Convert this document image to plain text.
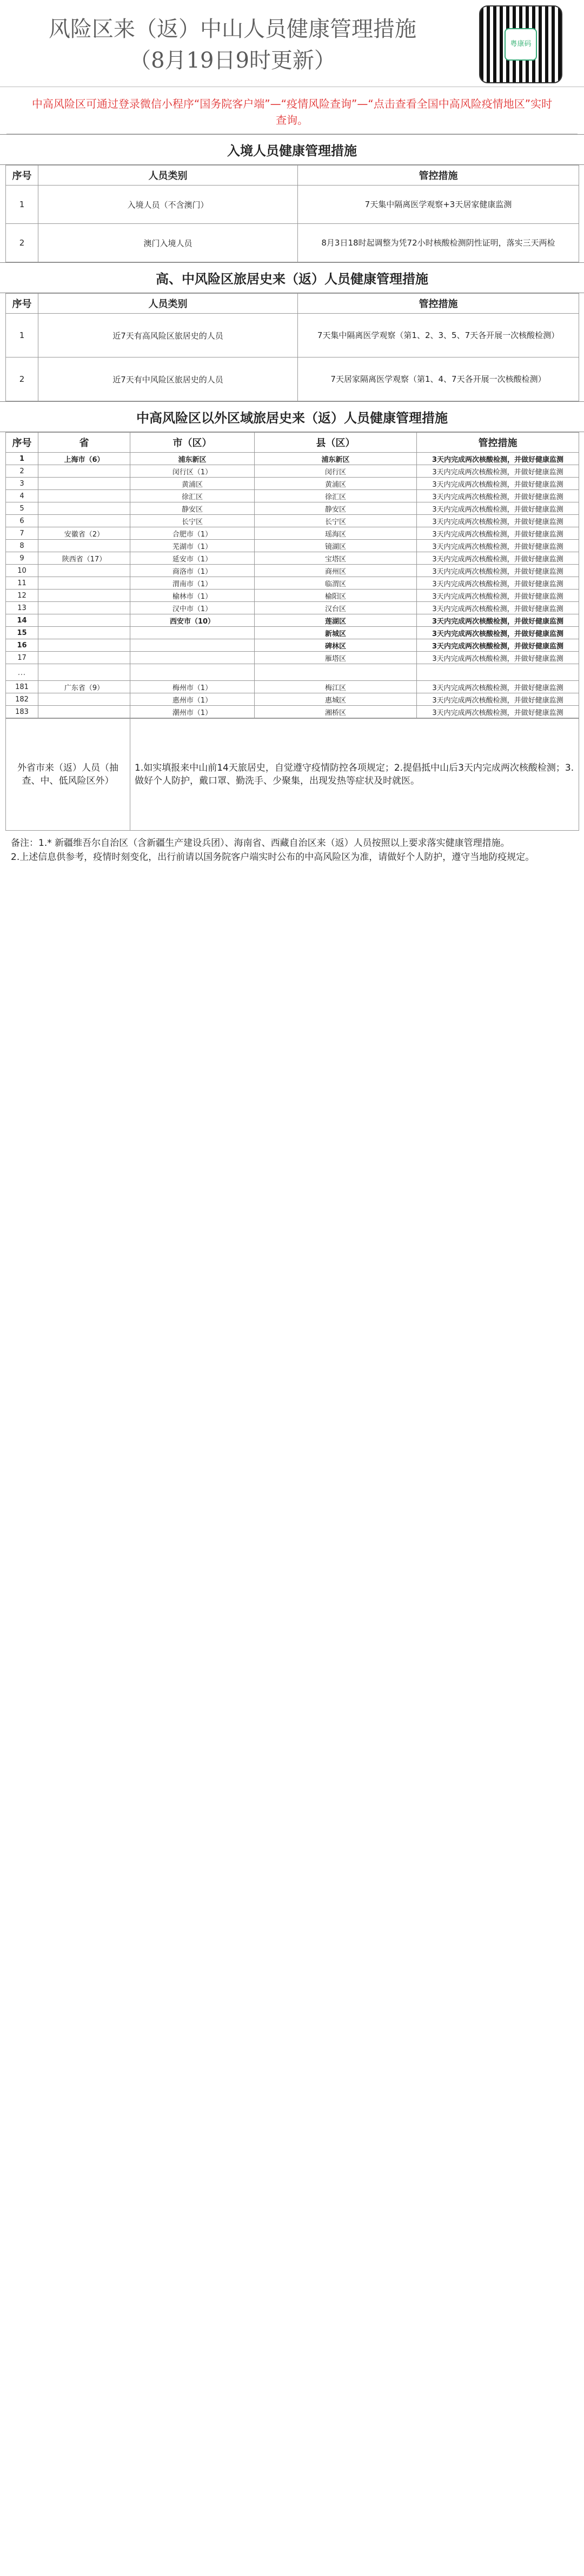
风险区来（返）中山人员健康管理措施
（8月19日9时更新）
粤康码
中高风险区可通过登录微信小程序“国务院客户端”—“疫情风险查询”—“点击查看全国中高风险疫情地区”实时查询。
入境人员健康管理措施
序号	人员类别	管控措施
1	入境人员（不含澳门）	7天集中隔离医学观察+3天居家健康监测
2	澳门入境人员	8月3日18时起调整为凭72小时核酸检测阴性证明，落实三天两检
高、中风险区旅居史来（返）人员健康管理措施
序号	人员类别	管控措施
1	近7天有高风险区旅居史的人员	7天集中隔离医学观察（第1、2、3、5、7天各开展一次核酸检测）
2	近7天有中风险区旅居史的人员	7天居家隔离医学观察（第1、4、7天各开展一次核酸检测）
中高风险区以外区域旅居史来（返）人员健康管理措施
序号	省	市（区）	县（区）	管控措施
1	上海市（6）	浦东新区	浦东新区	3天内完成两次核酸检测，并做好健康监测
2		闵行区（1）	闵行区	3天内完成两次核酸检测，并做好健康监测
3		黄浦区	黄浦区	3天内完成两次核酸检测，并做好健康监测
4		徐汇区	徐汇区	3天内完成两次核酸检测，并做好健康监测
5		静安区	静安区	3天内完成两次核酸检测，并做好健康监测
6		长宁区	长宁区	3天内完成两次核酸检测，并做好健康监测
7	安徽省（2）	合肥市（1）	瑶海区	3天内完成两次核酸检测，并做好健康监测
8		芜湖市（1）	镜湖区	3天内完成两次核酸检测，并做好健康监测
9	陕西省（17）	延安市（1）	宝塔区	3天内完成两次核酸检测，并做好健康监测
10		商洛市（1）	商州区	3天内完成两次核酸检测，并做好健康监测
11		渭南市（1）	临渭区	3天内完成两次核酸检测，并做好健康监测
12		榆林市（1）	榆阳区	3天内完成两次核酸检测，并做好健康监测
13		汉中市（1）	汉台区	3天内完成两次核酸检测，并做好健康监测
14		西安市（10）	莲湖区	3天内完成两次核酸检测，并做好健康监测
15			新城区	3天内完成两次核酸检测，并做好健康监测
16			碑林区	3天内完成两次核酸检测，并做好健康监测
17			雁塔区	3天内完成两次核酸检测，并做好健康监测
…				
181	广东省（9）	梅州市（1）	梅江区	3天内完成两次核酸检测，并做好健康监测
182		惠州市（1）	惠城区	3天内完成两次核酸检测，并做好健康监测
183		潮州市（1）	湘桥区	3天内完成两次核酸检测，并做好健康监测
外省市来（返）人员（抽查、中、低风险区外）	1.如实填报来中山前14天旅居史，自觉遵守疫情防控各项规定；2.提倡抵中山后3天内完成两次核酸检测；3.做好个人防护，戴口罩、勤洗手、少聚集，出现发热等症状及时就医。
备注：1.* 新疆维吾尔自治区（含新疆生产建设兵团）、海南省、西藏自治区来（返）人员按照以上要求落实健康管理措施。
2.上述信息供参考，疫情时刻变化，出行前请以国务院客户端实时公布的中高风险区为准，请做好个人防护，遵守当地防疫规定。
